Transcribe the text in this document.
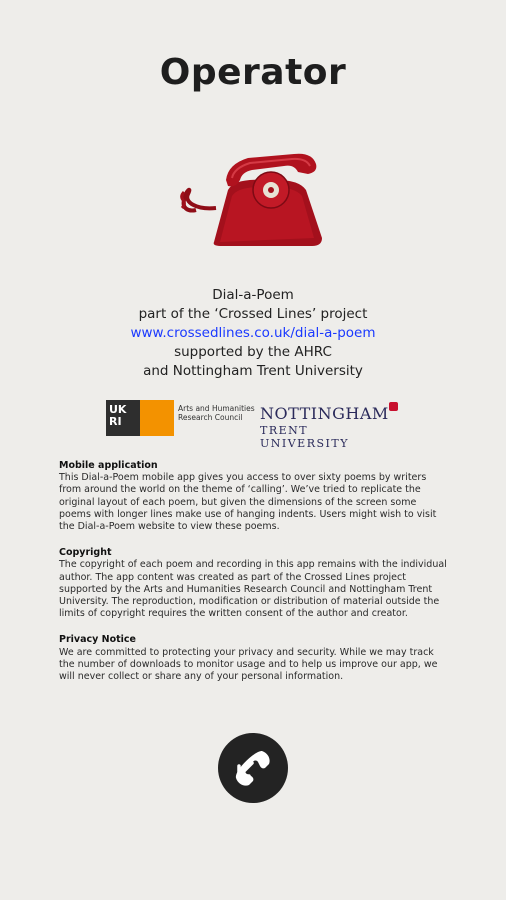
Operator
Dial-a-Poem
part of the ‘Crossed Lines’ project
www.crossedlines.co.uk/dial-a-poem
supported by the AHRC
and Nottingham Trent University
UK RI
Arts and Humanities Research Council	NOTTINGHAM
TRENT UNIVERSITY
Mobile application

This Dial-a-Poem mobile app gives you access to over sixty poems by writers from around the world on the theme of ‘calling’. We’ve tried to replicate the original layout of each poem, but given the dimensions of the screen some poems with longer lines make use of hanging indents. Users might wish to visit the Dial-a-Poem website to view these poems.

Copyright

The copyright of each poem and recording in this app remains with the individual author. The app content was created as part of the Crossed Lines project supported by the Arts and Humanities Research Council and Nottingham Trent University. The reproduction, modification or distribution of material outside the limits of copyright requires the written consent of the author and creator.

Privacy Notice

We are committed to protecting your privacy and security. While we may track the number of downloads to monitor usage and to help us improve our app, we will never collect or share any of your personal information.
